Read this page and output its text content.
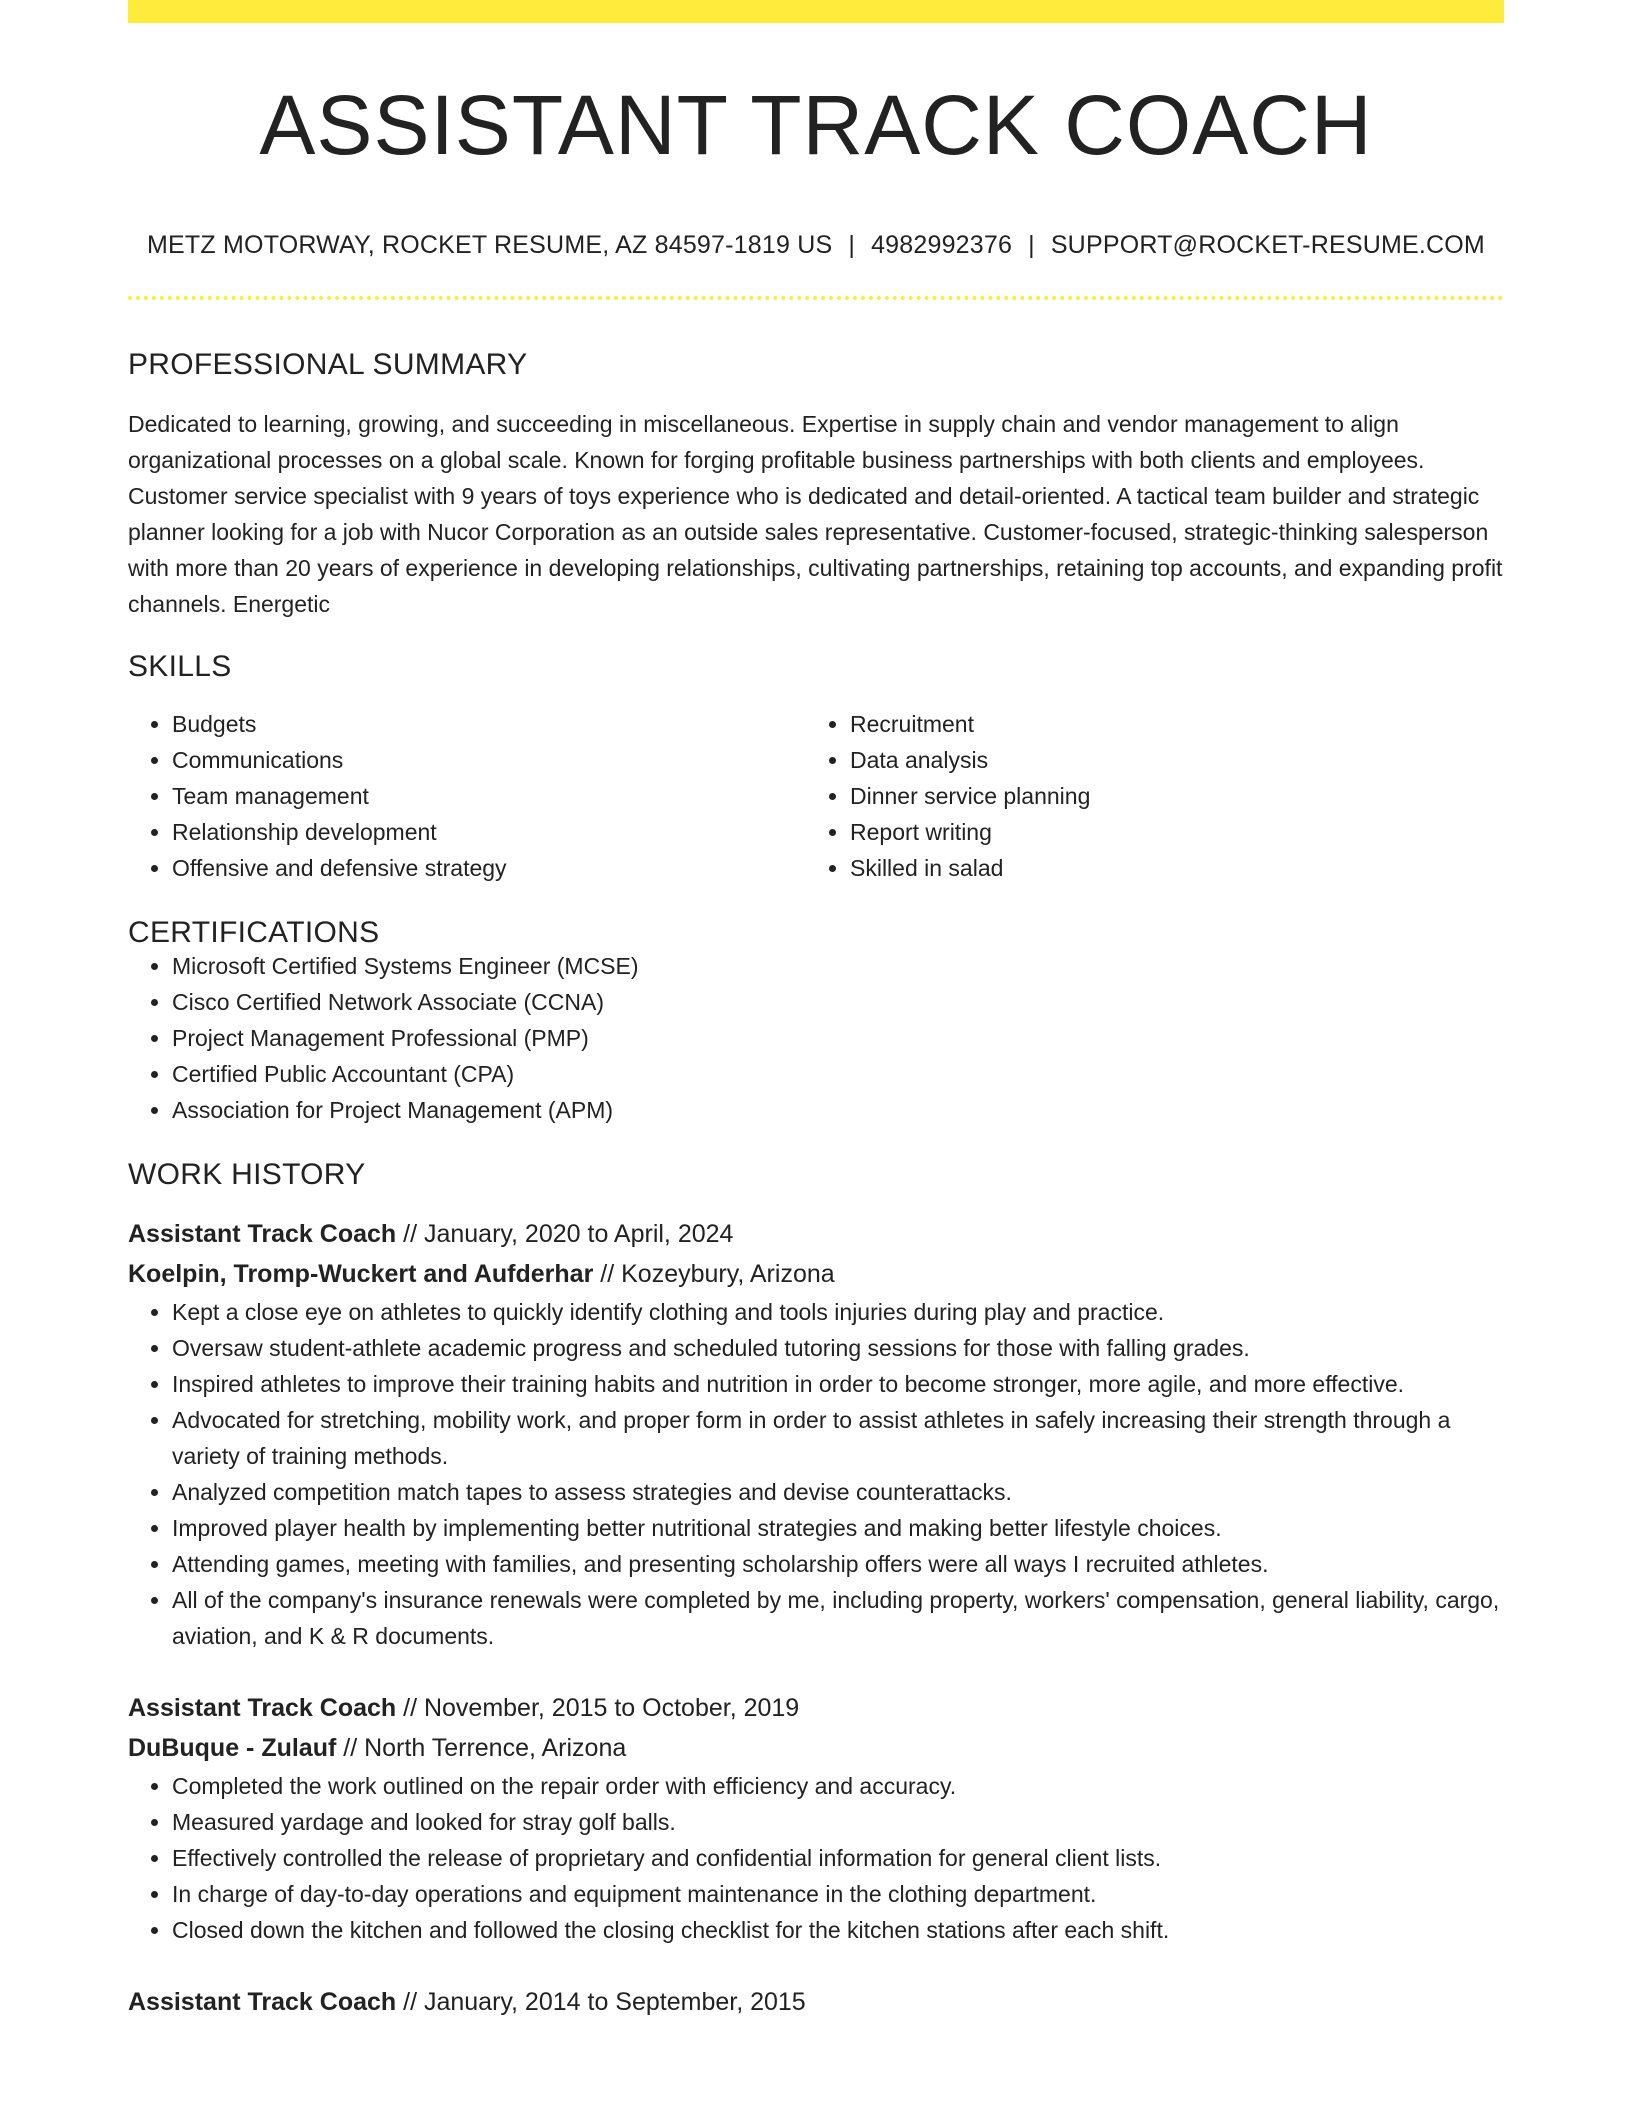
ASSISTANT TRACK COACH
METZ MOTORWAY, ROCKET RESUME, AZ 84597-1819 US | 4982992376 | SUPPORT@ROCKET-RESUME.COM
PROFESSIONAL SUMMARY

Dedicated to learning, growing, and succeeding in miscellaneous. Expertise in supply chain and vendor management to align organizational processes on a global scale. Known for forging profitable business partnerships with both clients and employees. Customer service specialist with 9 years of toys experience who is dedicated and detail-oriented. A tactical team builder and strategic planner looking for a job with Nucor Corporation as an outside sales representative. Customer-focused, strategic-thinking salesperson with more than 20 years of experience in developing relationships, cultivating partnerships, retaining top accounts, and expanding profit channels. Energetic

SKILLS
• Budgets
• Communications
• Team management
• Relationship development
• Offensive and defensive strategy
• Recruitment
• Data analysis
• Dinner service planning
• Report writing
• Skilled in salad
CERTIFICATIONS
• Microsoft Certified Systems Engineer (MCSE)
• Cisco Certified Network Associate (CCNA)
• Project Management Professional (PMP)
• Certified Public Accountant (CPA)
• Association for Project Management (APM)
WORK HISTORY
Assistant Track Coach // January, 2020 to April, 2024
Koelpin, Tromp-Wuckert and Aufderhar // Kozeybury, Arizona
• Kept a close eye on athletes to quickly identify clothing and tools injuries during play and practice.
• Oversaw student-athlete academic progress and scheduled tutoring sessions for those with falling grades.
• Inspired athletes to improve their training habits and nutrition in order to become stronger, more agile, and more effective.
• Advocated for stretching, mobility work, and proper form in order to assist athletes in safely increasing their strength through a variety of training methods.
• Analyzed competition match tapes to assess strategies and devise counterattacks.
• Improved player health by implementing better nutritional strategies and making better lifestyle choices.
• Attending games, meeting with families, and presenting scholarship offers were all ways I recruited athletes.
• All of the company's insurance renewals were completed by me, including property, workers' compensation, general liability, cargo, aviation, and K & R documents.
Assistant Track Coach // November, 2015 to October, 2019
DuBuque - Zulauf // North Terrence, Arizona
• Completed the work outlined on the repair order with efficiency and accuracy.
• Measured yardage and looked for stray golf balls.
• Effectively controlled the release of proprietary and confidential information for general client lists.
• In charge of day-to-day operations and equipment maintenance in the clothing department.
• Closed down the kitchen and followed the closing checklist for the kitchen stations after each shift.
Assistant Track Coach // January, 2014 to September, 2015
